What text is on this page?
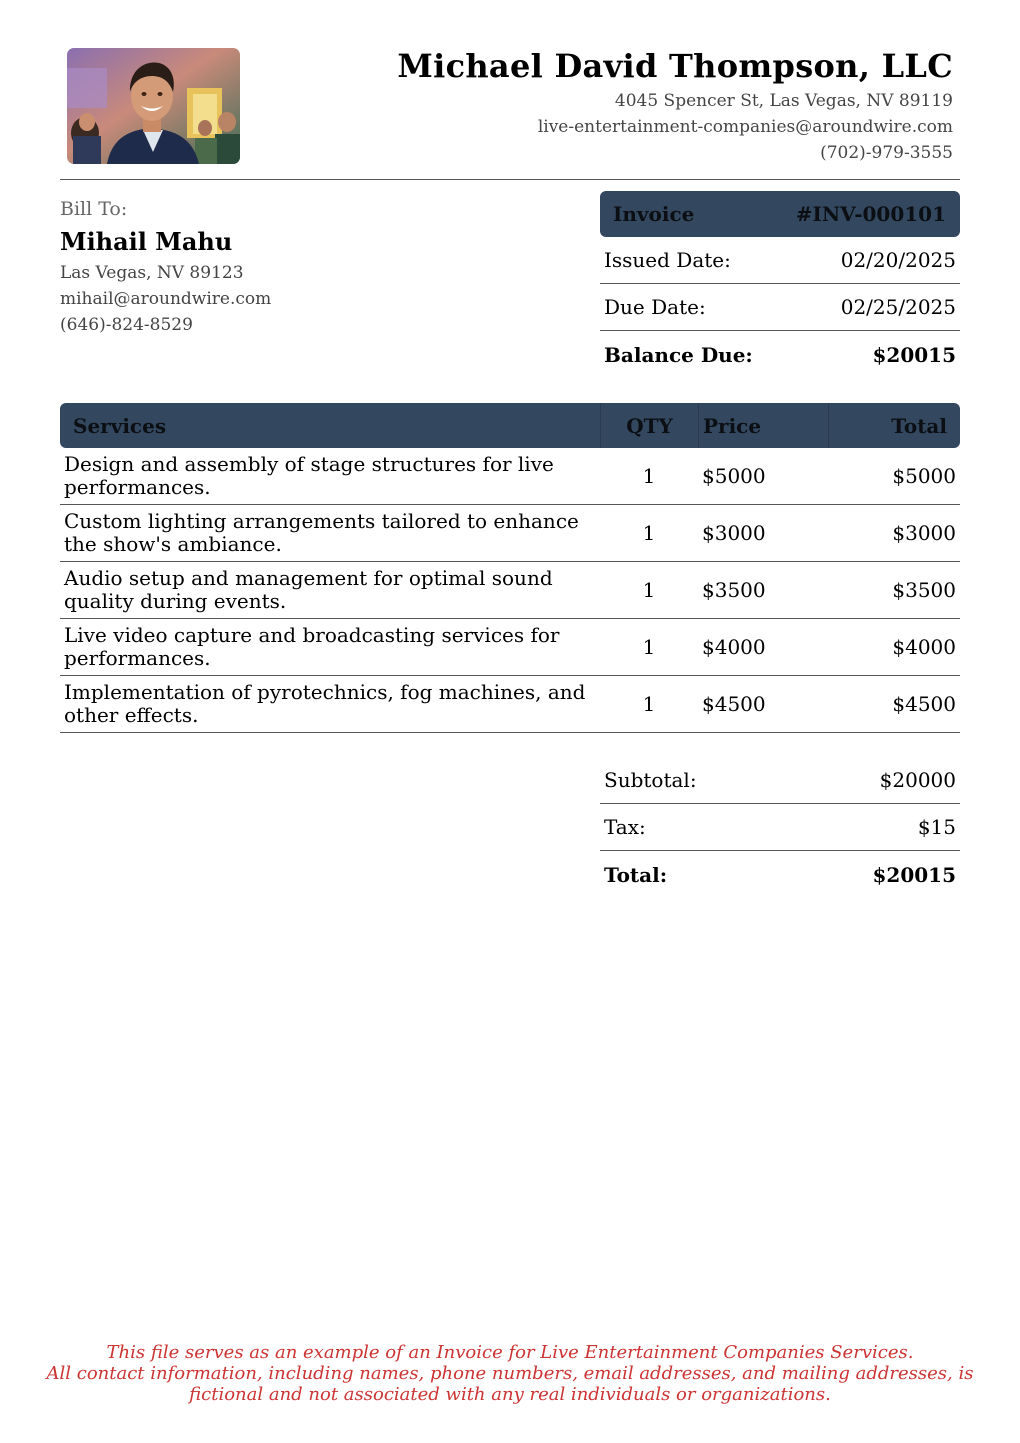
Michael David Thompson, LLC
4045 Spencer St, Las Vegas, NV 89119
live-entertainment-companies@aroundwire.com
(702)-979-3555
Bill To:
Mihail Mahu
Las Vegas, NV 89123
mihail@aroundwire.com
(646)-824-8529
Invoice	#INV-000101
Issued Date:	02/20/2025
Due Date:	02/25/2025
Balance Due:	$20015
Services	QTY	Price	Total
Design and assembly of stage structures for live performances.	1	$5000	$5000
Custom lighting arrangements tailored to enhance the show's ambiance.	1	$3000	$3000
Audio setup and management for optimal sound quality during events.	1	$3500	$3500
Live video capture and broadcasting services for performances.	1	$4000	$4000
Implementation of pyrotechnics, fog machines, and other effects.	1	$4500	$4500
Subtotal:	$20000
Tax:	$15
Total:	$20015
This file serves as an example of an Invoice for Live Entertainment Companies Services.
All contact information, including names, phone numbers, email addresses, and mailing addresses, is
fictional and not associated with any real individuals or organizations.
